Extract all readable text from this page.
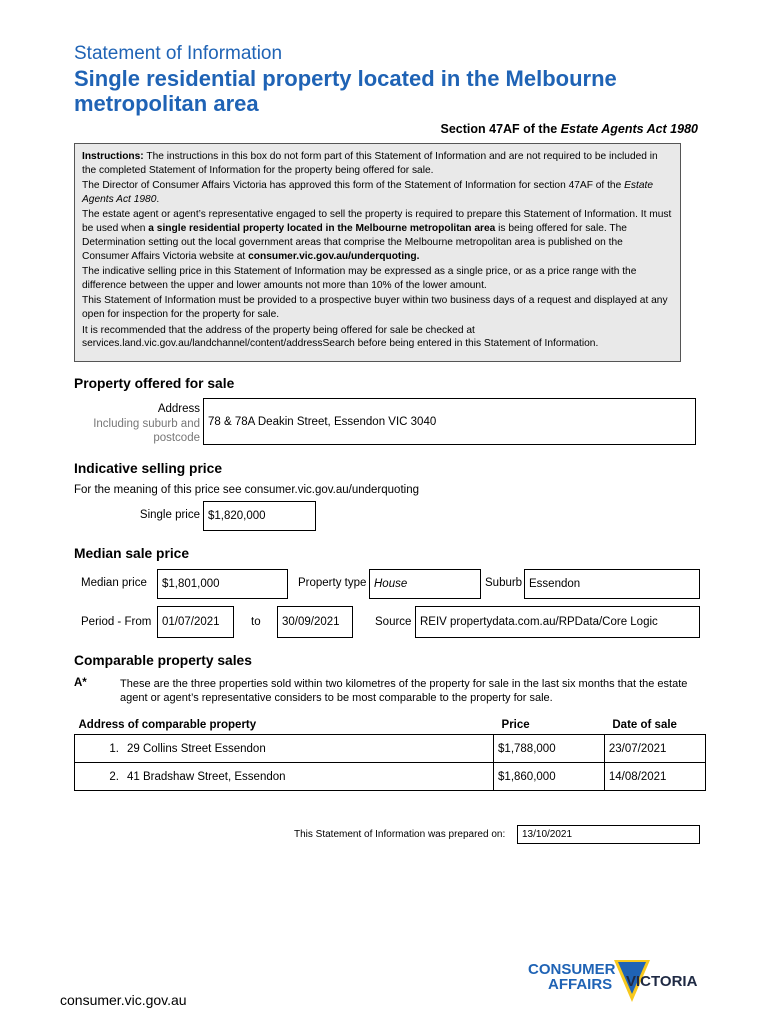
Statement of Information
Single residential property located in the Melbourne metropolitan area
Section 47AF of the Estate Agents Act 1980

Instructions: The instructions in this box do not form part of this Statement of Information and are not required to be included in the completed Statement of Information for the property being offered for sale.

The Director of Consumer Affairs Victoria has approved this form of the Statement of Information for section 47AF of the Estate Agents Act 1980.

The estate agent or agent’s representative engaged to sell the property is required to prepare this Statement of Information. It must be used when a single residential property located in the Melbourne metropolitan area is being offered for sale. The Determination setting out the local government areas that comprise the Melbourne metropolitan area is published on the Consumer Affairs Victoria website at consumer.vic.gov.au/underquoting.

The indicative selling price in this Statement of Information may be expressed as a single price, or as a price range with the difference between the upper and lower amounts not more than 10% of the lower amount.

This Statement of Information must be provided to a prospective buyer within two business days of a request and displayed at any open for inspection for the property for sale.

It is recommended that the address of the property being offered for sale be checked at services.land.vic.gov.au/landchannel/content/addressSearch before being entered in this Statement of Information.

Property offered for sale
Address
Including suburb and
postcode
78 & 78A Deakin Street, Essendon VIC 3040
Indicative selling price
For the meaning of this price see consumer.vic.gov.au/underquoting
Single price $1,820,000
Median sale price
Median price $1,801,000	Property type House	Suburb Essendon
Period - From 01/07/2021	to 30/09/2021	Source REIV propertydata.com.au/RPData/Core Logic
Comparable property sales
A*	These are the three properties sold within two kilometres of the property for sale in the last six months that the estate agent or agent’s representative considers to be most comparable to the property for sale.
Address of comparable property	Price	Date of sale
1. 29 Collins Street Essendon	$1,788,000	23/07/2021
2. 41 Bradshaw Street, Essendon	$1,860,000	14/08/2021
This Statement of Information was prepared on: 13/10/2021
CONSUMER
AFFAIRS VICTORIA
consumer.vic.gov.au
